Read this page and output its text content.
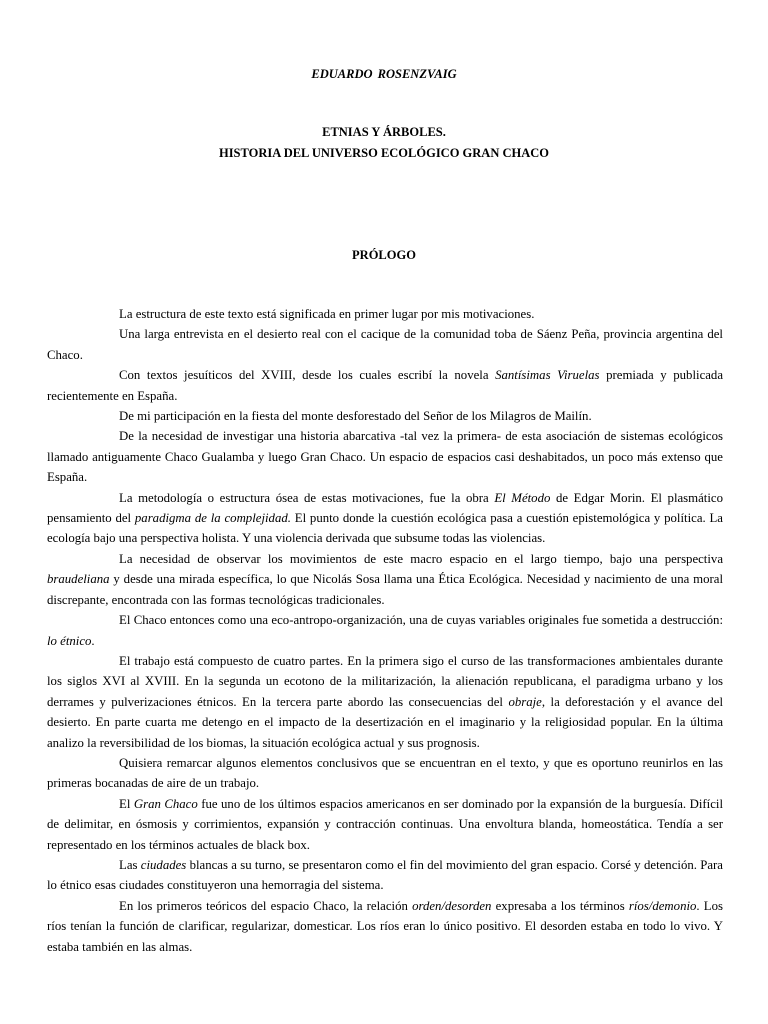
EDUARDO ROSENZVAIG
ETNIAS Y ÁRBOLES.
HISTORIA DEL UNIVERSO ECOLÓGICO GRAN CHACO
PRÓLOGO

La estructura de este texto está significada en primer lugar por mis motivaciones.

Una larga entrevista en el desierto real con el cacique de la comunidad toba de Sáenz Peña, provincia argentina del Chaco.

Con textos jesuíticos del XVIII, desde los cuales escribí la novela Santísimas Viruelas premiada y publicada recientemente en España.

De mi participación en la fiesta del monte desforestado del Señor de los Milagros de Mailín.

De la necesidad de investigar una historia abarcativa -tal vez la primera- de esta asociación de sistemas ecológicos llamado antiguamente Chaco Gualamba y luego Gran Chaco. Un espacio de espacios casi deshabitados, un poco más extenso que España.

La metodología o estructura ósea de estas motivaciones, fue la obra El Método de Edgar Morin. El plasmático pensamiento del paradigma de la complejidad. El punto donde la cuestión ecológica pasa a cuestión epistemológica y política. La ecología bajo una perspectiva holista. Y una violencia derivada que subsume todas las violencias.

La necesidad de observar los movimientos de este macro espacio en el largo tiempo, bajo una perspectiva braudeliana y desde una mirada específica, lo que Nicolás Sosa llama una Ética Ecológica. Necesidad y nacimiento de una moral discrepante, encontrada con las formas tecnológicas tradicionales.

El Chaco entonces como una eco-antropo-organización, una de cuyas variables originales fue sometida a destrucción: lo étnico.

El trabajo está compuesto de cuatro partes. En la primera sigo el curso de las transformaciones ambientales durante los siglos XVI al XVIII. En la segunda un ecotono de la militarización, la alienación republicana, el paradigma urbano y los derrames y pulverizaciones étnicos. En la tercera parte abordo las consecuencias del obraje, la deforestación y el avance del desierto. En parte cuarta me detengo en el impacto de la desertización en el imaginario y la religiosidad popular. En la última analizo la reversibilidad de los biomas, la situación ecológica actual y sus prognosis.

Quisiera remarcar algunos elementos conclusivos que se encuentran en el texto, y que es oportuno reunirlos en las primeras bocanadas de aire de un trabajo.

El Gran Chaco fue uno de los últimos espacios americanos en ser dominado por la expansión de la burguesía. Difícil de delimitar, en ósmosis y corrimientos, expansión y contracción continuas. Una envoltura blanda, homeostática. Tendía a ser representado en los términos actuales de black box.

Las ciudades blancas a su turno, se presentaron como el fin del movimiento del gran espacio. Corsé y detención. Para lo étnico esas ciudades constituyeron una hemorragia del sistema.

En los primeros teóricos del espacio Chaco, la relación orden/desorden expresaba a los términos ríos/demonio. Los ríos tenían la función de clarificar, regularizar, domesticar. Los ríos eran lo único positivo. El desorden estaba en todo lo vivo. Y estaba también en las almas.
